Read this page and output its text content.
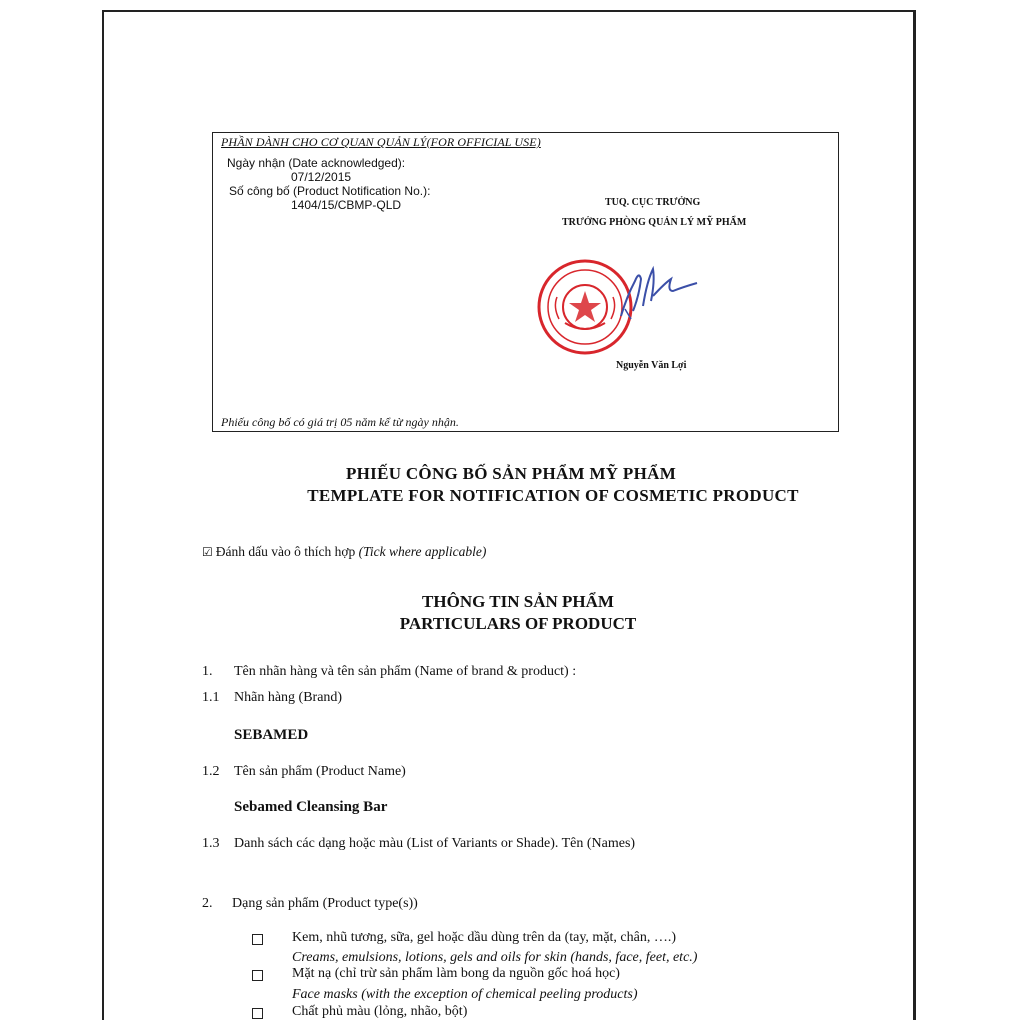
PHẦN DÀNH CHO CƠ QUAN QUẢN LÝ(FOR OFFICIAL USE)
Ngày nhận (Date acknowledged):
07/12/2015
Số công bố (Product Notification No.):
1404/15/CBMP-QLD	TUQ. CỤC TRƯỞNG
TRƯỞNG PHÒNG QUẢN LÝ MỸ PHẨM
Nguyễn Văn Lợi
Phiếu công bố có giá trị 05 năm kể từ ngày nhận.
PHIẾU CÔNG BỐ SẢN PHẨM MỸ PHẨM
TEMPLATE FOR NOTIFICATION OF COSMETIC PRODUCT
☑ Đánh dấu vào ô thích hợp (Tick where applicable)
THÔNG TIN SẢN PHẨM
PARTICULARS OF PRODUCT
1. Tên nhãn hàng và tên sản phẩm (Name of brand & product) :
1.1 Nhãn hàng (Brand)
SEBAMED
1.2 Tên sản phẩm (Product Name)
Sebamed Cleansing Bar
1.3 Danh sách các dạng hoặc màu (List of Variants or Shade). Tên (Names)
2. Dạng sản phẩm (Product type(s))
Kem, nhũ tương, sữa, gel hoặc dầu dùng trên da (tay, mặt, chân, ….)
Creams, emulsions, lotions, gels and oils for skin (hands, face, feet, etc.)
Mặt nạ (chỉ trừ sản phẩm làm bong da nguồn gốc hoá học)
Face masks (with the exception of chemical peeling products)
Chất phủ màu (lỏng, nhão, bột)
